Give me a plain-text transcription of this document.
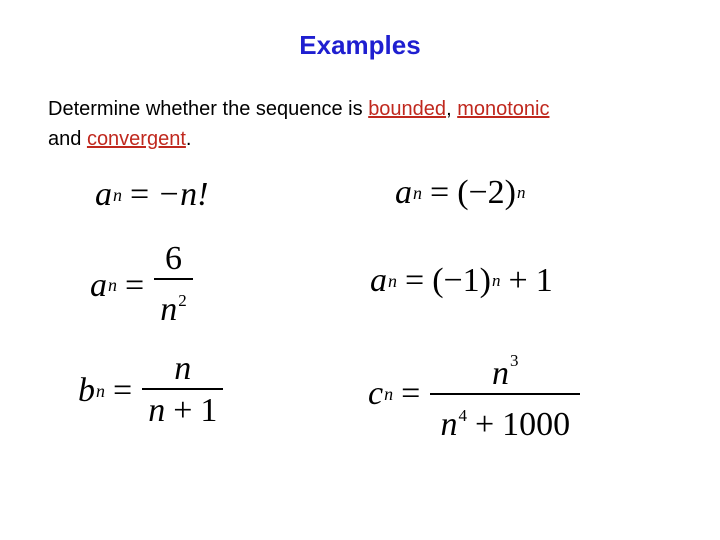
Examples
Determine whether the sequence is bounded, monotonic
and convergent.
a n = −n!	a n = (−2) n
a $n = \frac{6}{n^2}$	a n = (−1) n + 1
b $n = \frac{n}{n + 1}$	c $n = \frac{n^3}{n^4 + 1000}$
